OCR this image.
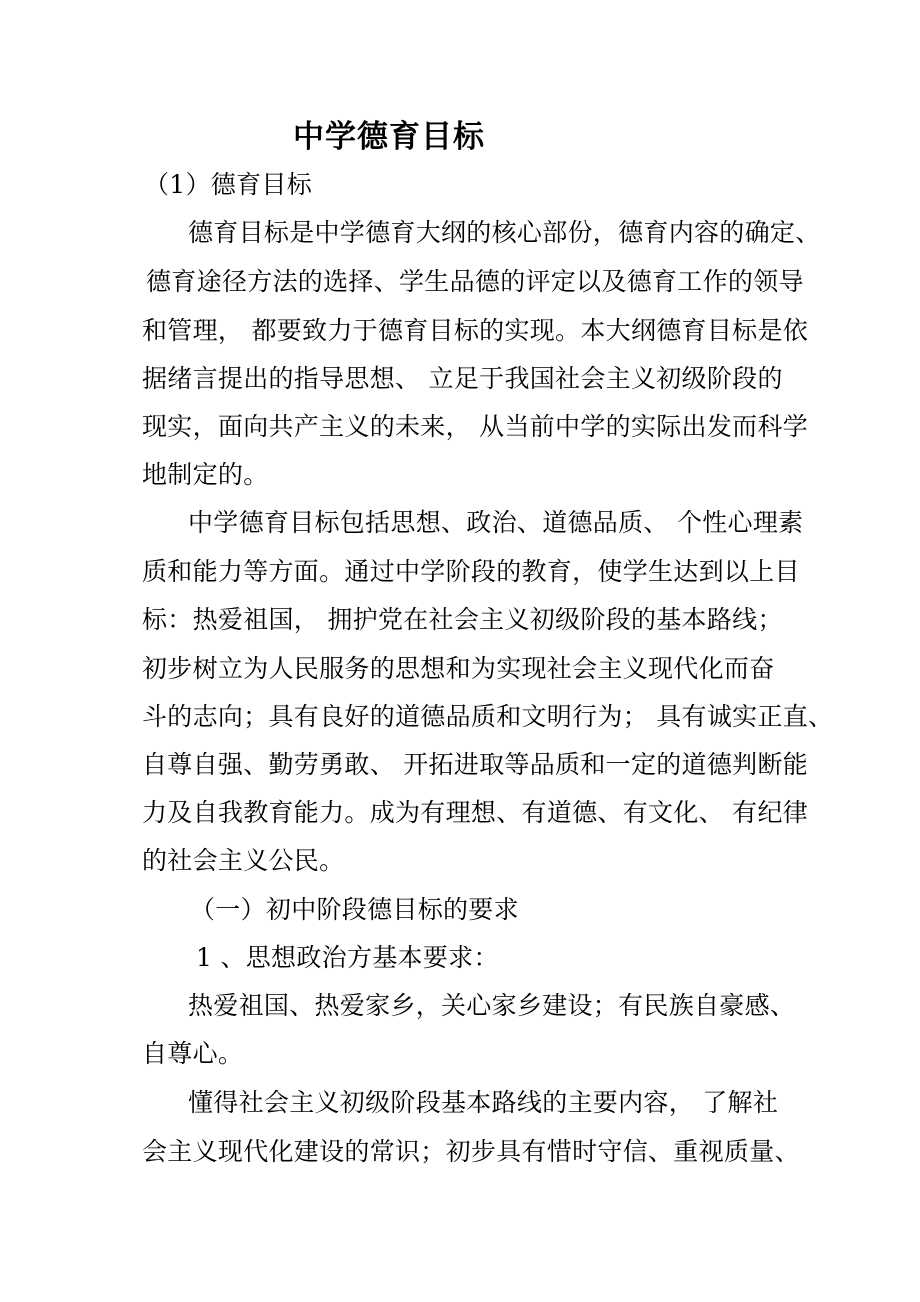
中学德育目标
（1）德育目标
德育目标是中学德育大纲的核心部份，德育内容的确定、
德育途径方法的选择、学生品德的评定以及德育工作的领导
和管理， 都要致力于德育目标的实现。本大纲德育目标是依
据绪言提出的指导思想、 立足于我国社会主义初级阶段的
现实，面向共产主义的未来， 从当前中学的实际出发而科学
地制定的。
中学德育目标包括思想、政治、道德品质、 个性心理素
质和能力等方面。通过中学阶段的教育，使学生达到以上目
标：热爱祖国， 拥护党在社会主义初级阶段的基本路线；
初步树立为人民服务的思想和为实现社会主义现代化而奋
斗的志向；具有良好的道德品质和文明行为； 具有诚实正直、
自尊自强、勤劳勇敢、 开拓进取等品质和一定的道德判断能
力及自我教育能力。成为有理想、有道德、有文化、 有纪律
的社会主义公民。
（一）初中阶段德目标的要求
1 、思想政治方基本要求：
热爱祖国、热爱家乡，关心家乡建设；有民族自豪感、
自尊心。
懂得社会主义初级阶段基本路线的主要内容， 了解社
会主义现代化建设的常识；初步具有惜时守信、重视质量、
